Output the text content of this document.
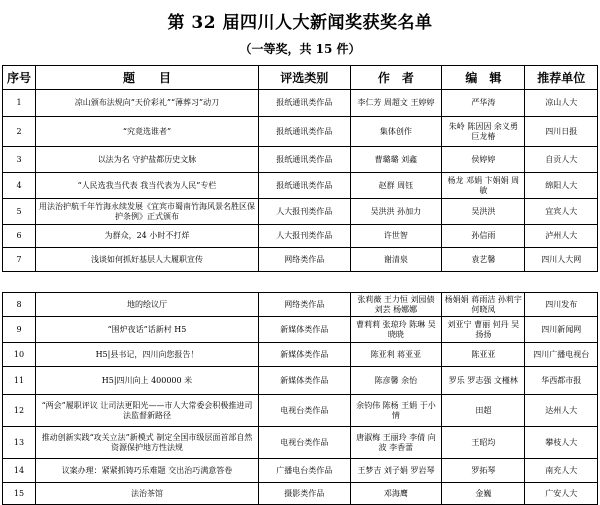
第 32 届四川人大新闻奖获奖名单
（一等奖，共 15 件）
序号	题　　目	评选类别	作　者	编　辑	推荐单位
1	凉山颁布法规向“天价彩礼”“薄葬习”动刀	报纸通讯类作品	李仁芳 周超文 王婷婷	严华涛	凉山人大
2	“究竟选谁者”	报纸通讯类作品	集体创作	朱岭 陈因因 余义勇 巨龙椿	四川日报
3	以法为名 守护盐都历史文脉	报纸通讯类作品	曹璐璐 刘鑫	侯婷婷	自贡人大
4	“人民选我当代表 我当代表为人民”专栏	报纸通讯类作品	赵群 周钰	杨龙 邓娟 卞娟娟 周敏	绵阳人大
5	用法治护航千年竹海永续发展《宜宾市蜀南竹海风景名胜区保护条例》正式颁布	人大报刊类作品	吴洪洪 孙加力	吴洪洪	宜宾人大
6	为群众，24 小时不打烊	人大报刊类作品	许世智	孙信雨	泸州人大
7	浅谈如何抓好基层人大履职宣传	网络类作品	谢清泉	袁艺馨	四川人大网
8	地的绘议厅	网络类作品	张莉薇 王力恒 刘园债 刘芸 杨娜娜	杨娟娟 蒋雨洁 孙莉宇 何晓凤	四川发布
9	“围炉夜话”话新村 H5	新媒体类作品	曹莉莉 张琼玲 陈琳 吴晓晓	刘亚宁 曹丽 何丹 吴扬扬	四川新闻网
10	H5|县书记，四川向您报告！	新媒体类作品	陈亚利 蒋亚亚	陈亚亚	四川广播电视台
11	H5|四川向上 400000 米	新媒体类作品	陈彦馨 余怡	罗乐 罗志强 文槿林	华西都市报
12	“两会”履职评议 让司法更阳光——市人大常委会积极推进司法监督新路径	电视台类作品	余钧伟 陈杨 王娟 于小情	田超	达州人大
13	推动创新实践“攻关立法”新模式 制定全国市级层面首部自然资源保护地方性法规	电视台类作品	唐淑梅 王丽玲 李倩 向波 李香蕾	王昭均	攀枝人大
14	议案办理：紧紧抓铸巧乐难题 交出治巧满意答卷	广播电台类作品	王梦吉 刘子娟 罗岩琴	罗拓琴	南充人大
15	法治茶馆	摄影类作品	邓海鹰	金巍	广安人大
